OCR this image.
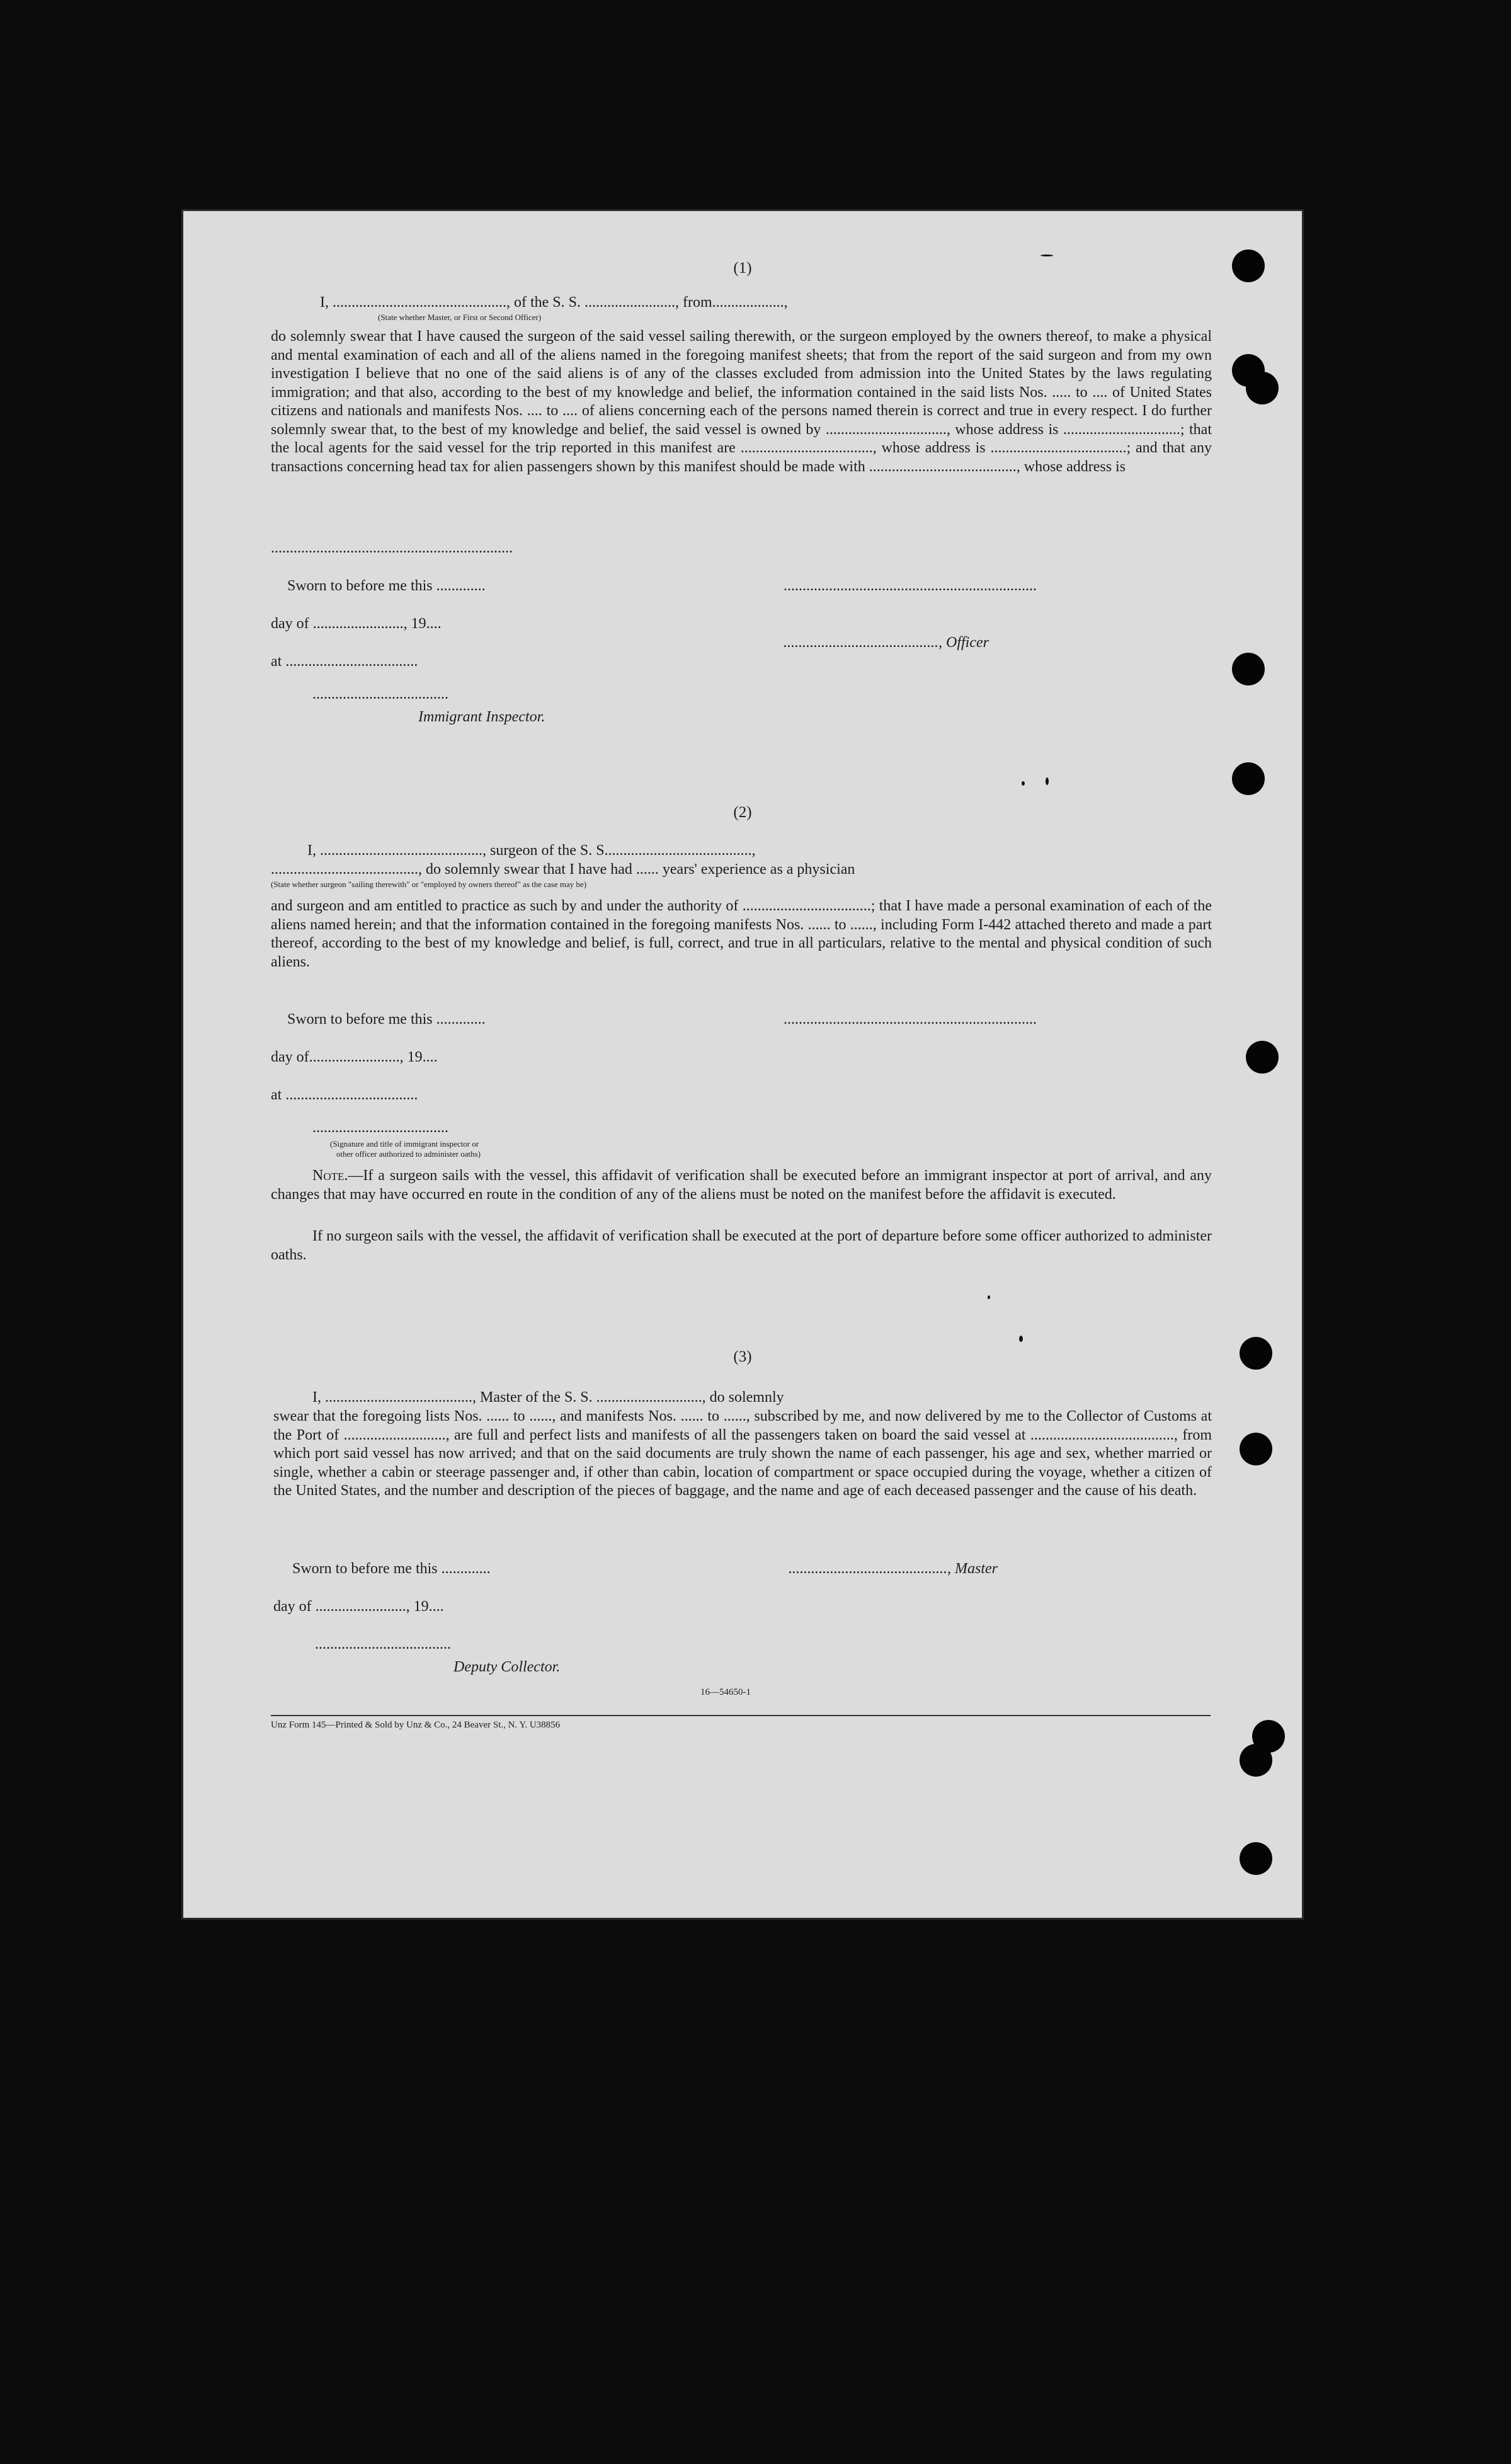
(1)
I, .............................................., of the S. S. ........................, from...................,
(State whether Master, or First or Second Officer)

do solemnly swear that I have caused the surgeon of the said vessel sailing therewith, or the surgeon employed by the owners thereof, to make a physical and mental examination of each and all of the aliens named in the foregoing manifest sheets; that from the report of the said surgeon and from my own investigation I believe that no one of the said aliens is of any of the classes excluded from admission into the United States by the laws regulating immigration; and that also, according to the best of my knowledge and belief, the information contained in the said lists Nos. ..... to .... of United States citizens and nationals and manifests Nos. .... to .... of aliens concerning each of the persons named therein is correct and true in every respect. I do further solemnly swear that, to the best of my knowledge and belief, the said vessel is owned by ................................, whose address is ...............................; that the local agents for the said vessel for the trip reported in this manifest are ..................................., whose address is ....................................; and that any transactions concerning head tax for alien passengers shown by this manifest should be made with ......................................., whose address is

................................................................
Sworn to before me this .............	...................................................................
day of ........................, 19....
........................................., Officer
at ...................................
....................................
Immigrant Inspector.
(2)
I, ..........................................., surgeon of the S. S.......................................,
......................................., do solemnly swear that I have had ...... years' experience as a physician
(State whether surgeon "sailing therewith" or "employed by owners thereof" as the case may be)

and surgeon and am entitled to practice as such by and under the authority of ..................................; that I have made a personal examination of each of the aliens named herein; and that the information contained in the foregoing manifests Nos. ...... to ......, including Form I-442 attached thereto and made a part thereof, according to the best of my knowledge and belief, is full, correct, and true in all particulars, relative to the mental and physical condition of such aliens.

Sworn to before me this .............	...................................................................
day of........................, 19....
at ...................................
....................................
(Signature and title of immigrant inspector or
other officer authorized to administer oaths)

Note.—If a surgeon sails with the vessel, this affidavit of verification shall be executed before an immigrant inspector at port of arrival, and any changes that may have occurred en route in the condition of any of the aliens must be noted on the manifest before the affidavit is executed.

If no surgeon sails with the vessel, the affidavit of verification shall be executed at the port of departure before some officer authorized to administer oaths.

(3)
I, ......................................., Master of the S. S. ............................, do solemnly

swear that the foregoing lists Nos. ...... to ......, and manifests Nos. ...... to ......, subscribed by me, and now delivered by me to the Collector of Customs at the Port of ..........................., are full and perfect lists and manifests of all the passengers taken on board the said vessel at ......................................, from which port said vessel has now arrived; and that on the said documents are truly shown the name of each passenger, his age and sex, whether married or single, whether a cabin or steerage passenger and, if other than cabin, location of compartment or space occupied during the voyage, whether a citizen of the United States, and the number and description of the pieces of baggage, and the name and age of each deceased passenger and the cause of his death.

Sworn to before me this .............	.........................................., Master
day of ........................, 19....
....................................
Deputy Collector.
16—54650-1
Unz Form 145—Printed & Sold by Unz & Co., 24 Beaver St., N. Y. U38856
